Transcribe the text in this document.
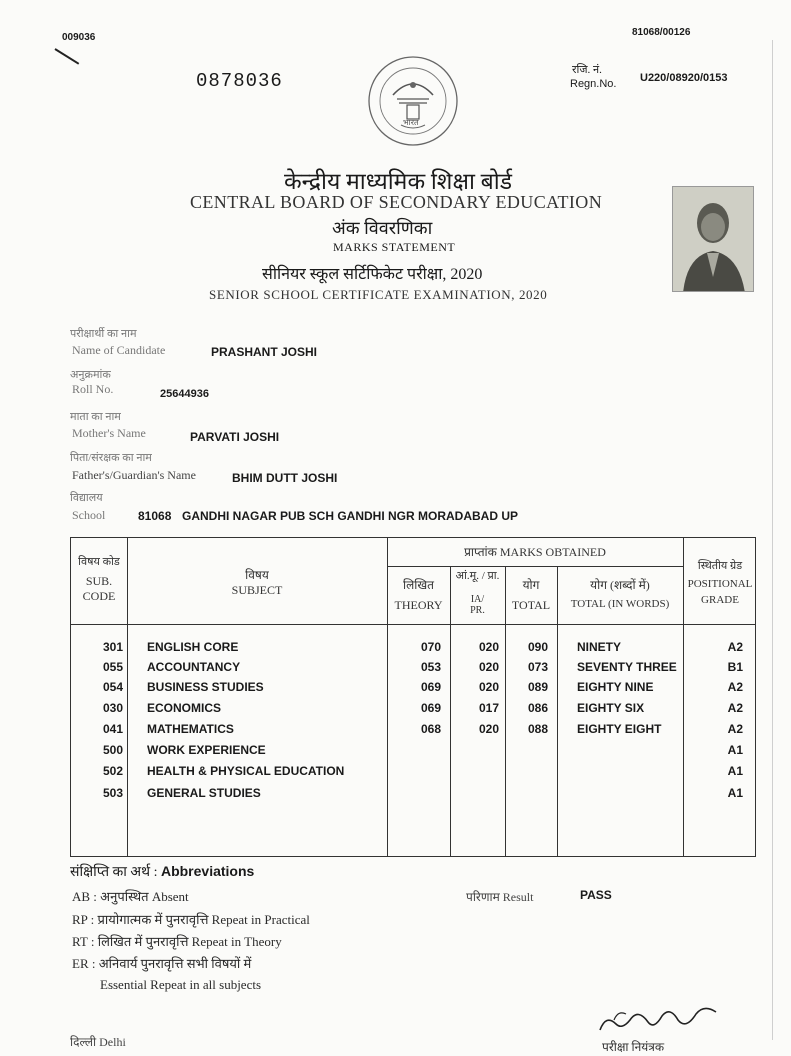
009036	81068/00126
0878036	रजि. नं.
Regn.No. U220/08920/0153
भारत
केन्द्रीय माध्यमिक शिक्षा बोर्ड
CENTRAL BOARD OF SECONDARY EDUCATION
अंक विवरणिका
MARKS STATEMENT
सीनियर स्कूल सर्टिफिकेट परीक्षा, 2020
SENIOR SCHOOL CERTIFICATE EXAMINATION, 2020
परीक्षार्थी का नाम
Name of Candidate	PRASHANT JOSHI
अनुक्रमांक
Roll No.	25644936
माता का नाम
Mother's Name	PARVATI JOSHI
पिता/संरक्षक का नाम
Father's/Guardian's Name	BHIM DUTT JOSHI
विद्यालय
School	81068 GANDHI NAGAR PUB SCH GANDHI NGR MORADABAD UP
विषय कोड
SUB. CODE
विषय
SUBJECT
प्राप्तांक MARKS OBTAINED
लिखित
THEORY
आं.मू. / प्रा.
IA/
PR.
योग
TOTAL
योग (शब्दों में)
TOTAL (IN WORDS)
स्थितीय ग्रेड
POSITIONAL
GRADE
301 ENGLISH CORE	070	020	090	NINETY	A2
055 ACCOUNTANCY	053	020	073	SEVENTY THREE	B1
054 BUSINESS STUDIES	069	020	089	EIGHTY NINE	A2
030 ECONOMICS	069	017	086	EIGHTY SIX	A2
041 MATHEMATICS	068	020	088	EIGHTY EIGHT	A2
500 WORK EXPERIENCE	A1
502 HEALTH & PHYSICAL EDUCATION	A1
503 GENERAL STUDIES	A1
संक्षिप्ति का अर्थ : Abbreviations
AB : अनुपस्थित Absent
RP : प्रायोगात्मक में पुनरावृत्ति Repeat in Practical
RT : लिखित में पुनरावृत्ति Repeat in Theory
ER : अनिवार्य पुनरावृत्ति सभी विषयों में
Essential Repeat in all subjects
परिणाम Result	PASS
दिल्ली Delhi	परीक्षा नियंत्रक
